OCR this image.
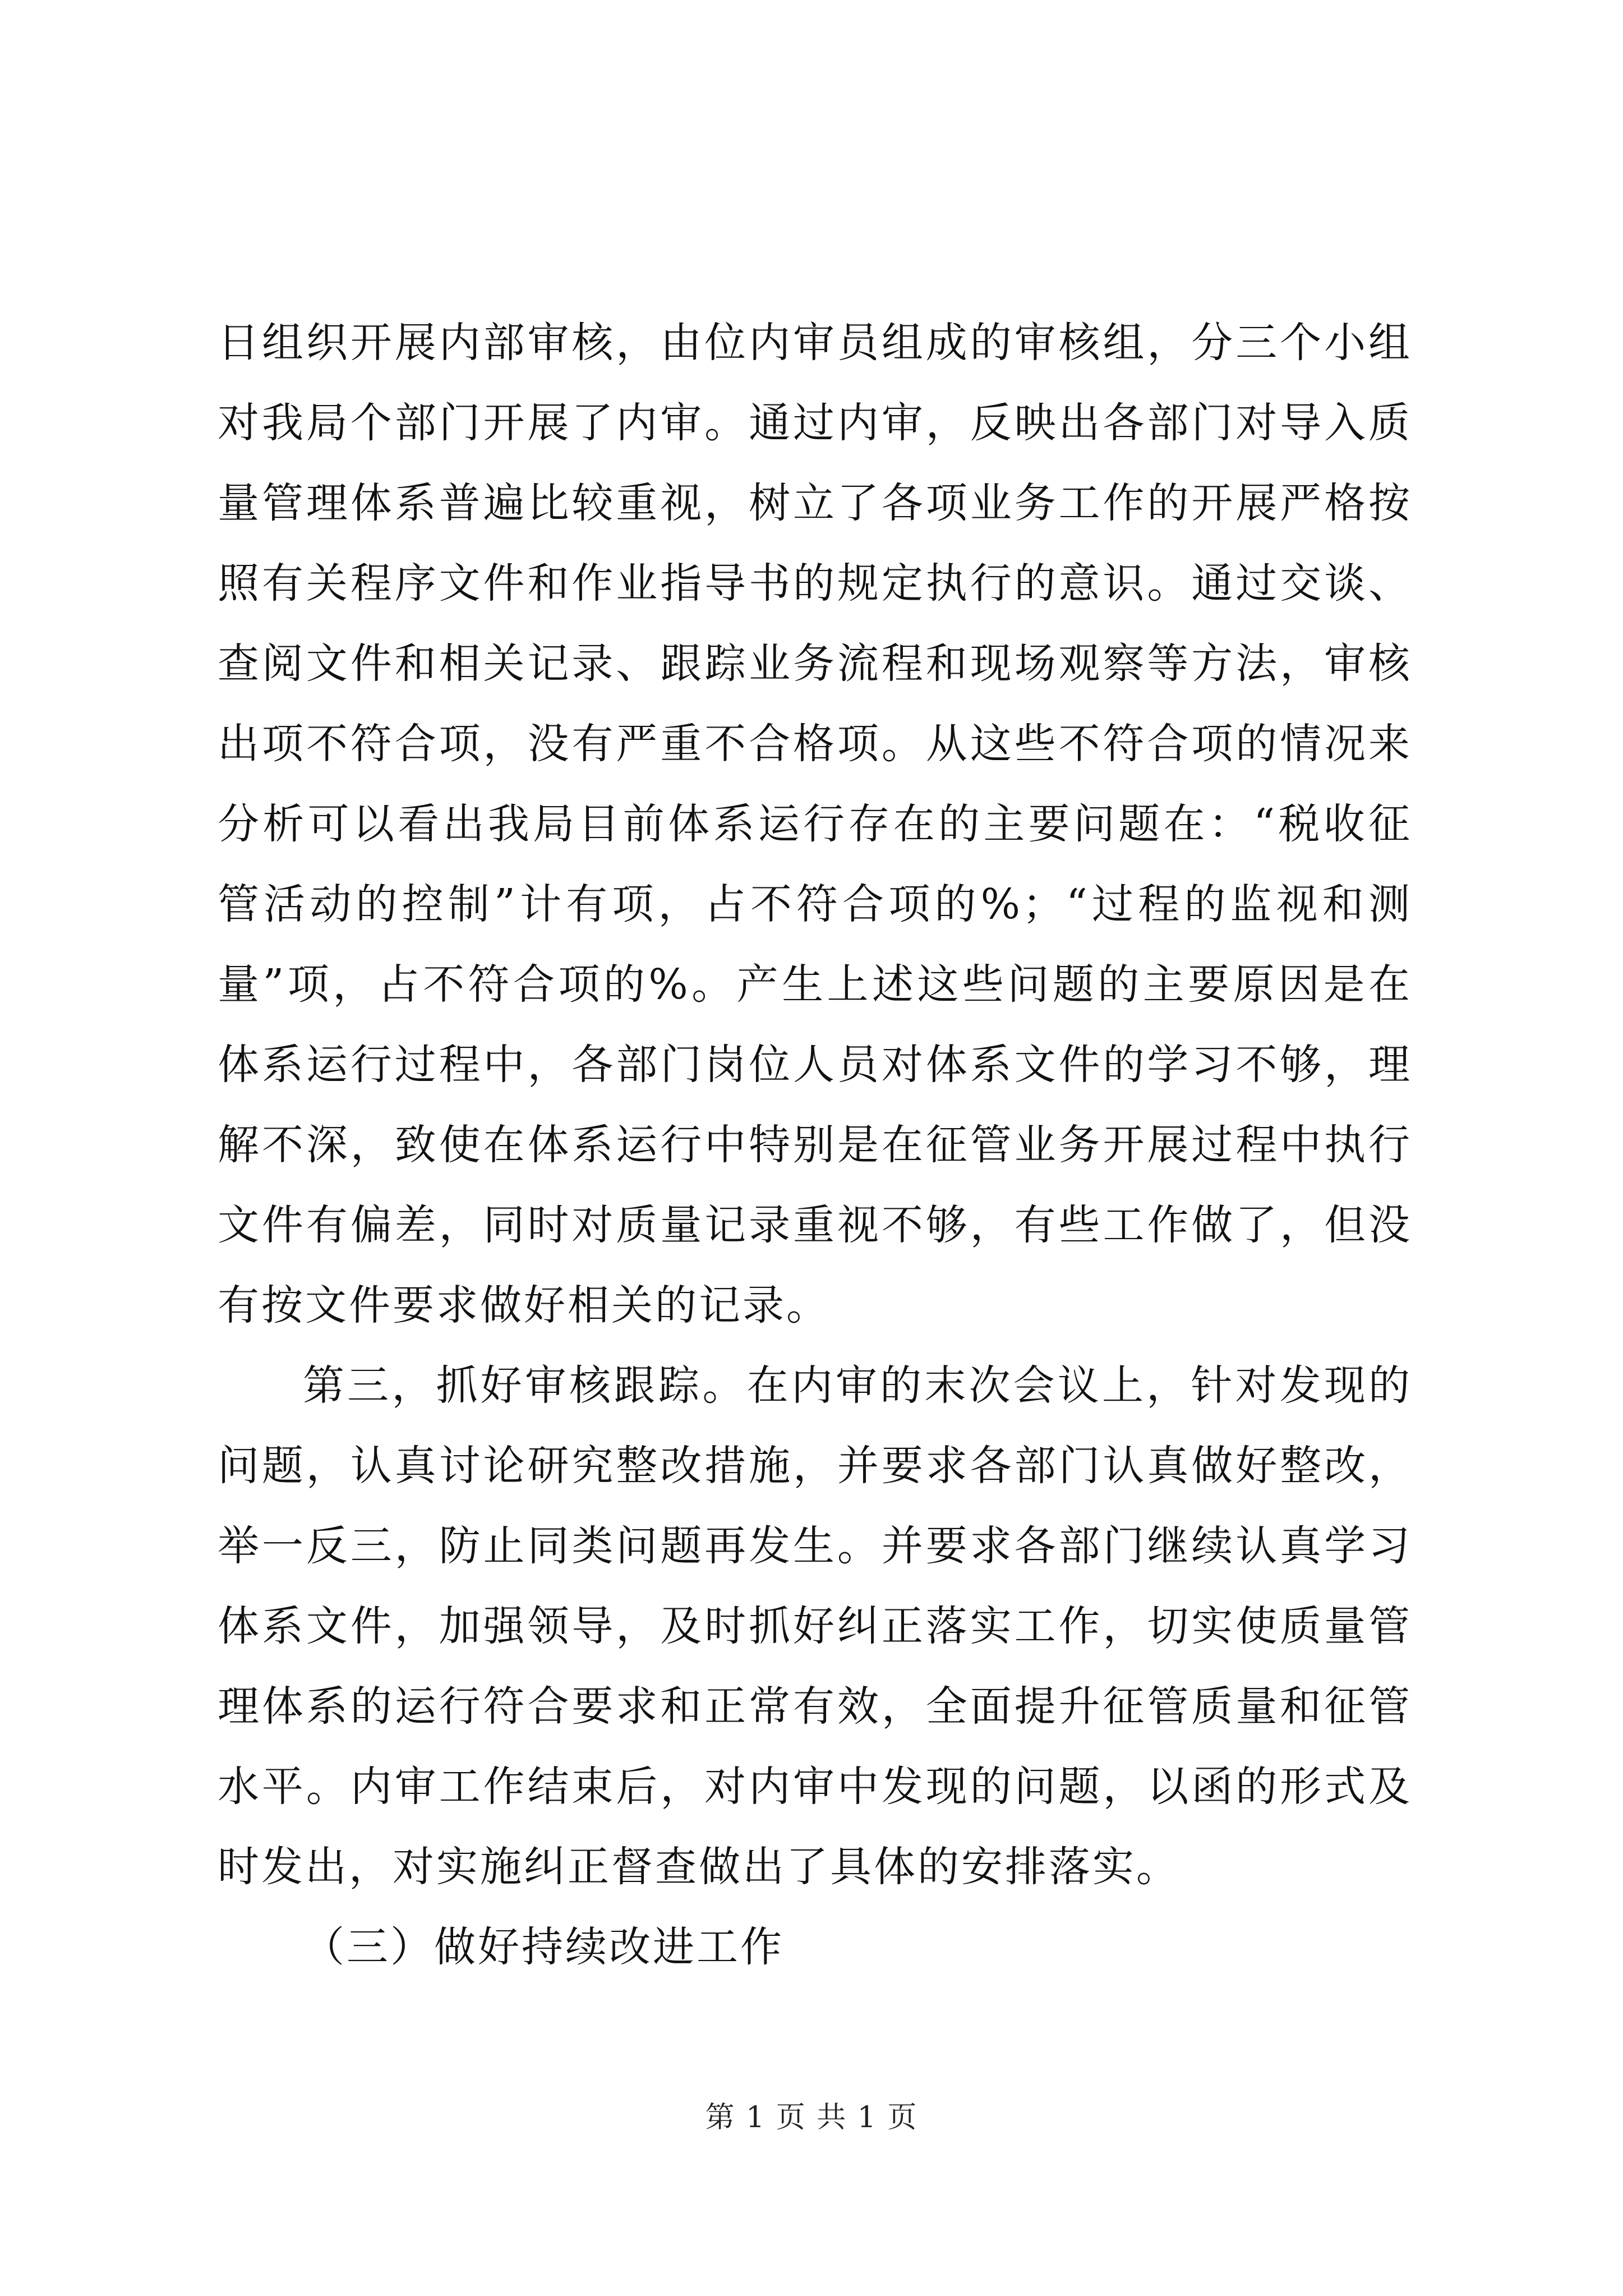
日组织开展内部审核，由位内审员组成的审核组，分三个小组对我局个部门开展了内审。通过内审，反映出各部门对导入质量管理体系普遍比较重视，树立了各项业务工作的开展严格按照有关程序文件和作业指导书的规定执行的意识。通过交谈、查阅文件和相关记录、跟踪业务流程和现场观察等方法，审核出项不符合项，没有严重不合格项。从这些不符合项的情况来分析可以看出我局目前体系运行存在的主要问题在：“税收征管活动的控制”计有项，占不符合项的%；“过程的监视和测量”项，占不符合项的%。产生上述这些问题的主要原因是在体系运行过程中，各部门岗位人员对体系文件的学习不够，理解不深，致使在体系运行中特别是在征管业务开展过程中执行文件有偏差，同时对质量记录重视不够，有些工作做了，但没有按文件要求做好相关的记录。

第三，抓好审核跟踪。在内审的末次会议上，针对发现的问题，认真讨论研究整改措施，并要求各部门认真做好整改，举一反三，防止同类问题再发生。并要求各部门继续认真学习体系文件，加强领导，及时抓好纠正落实工作，切实使质量管理体系的运行符合要求和正常有效，全面提升征管质量和征管水平。内审工作结束后，对内审中发现的问题，以函的形式及时发出，对实施纠正督查做出了具体的安排落实。

（三）做好持续改进工作

第 1 页 共 1 页
